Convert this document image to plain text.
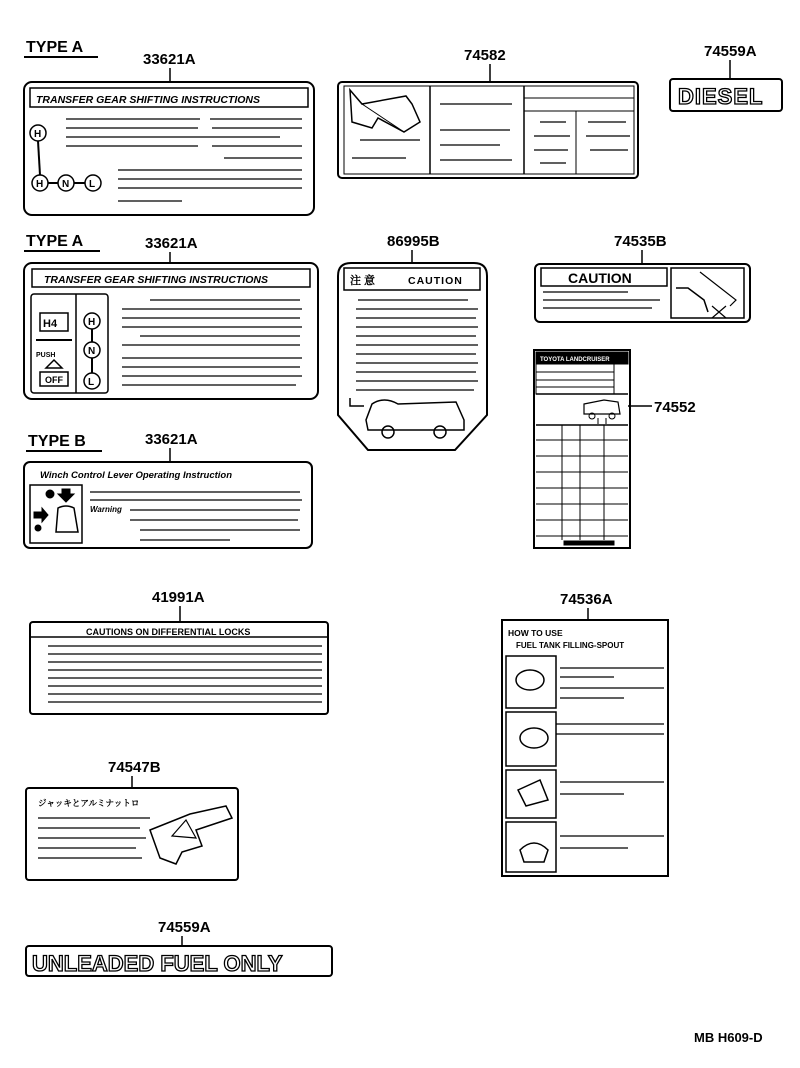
TYPE A
33621A
TRANSFER GEAR SHIFTING INSTRUCTIONS
H
H N L
74582	74559A
DIESEL
TYPE A	33621A
TRANSFER GEAR SHIFTING INSTRUCTIONS
H4
PUSH
OFF
H
N
L
86995B
注 意	CAUTION
74535B
CAUTION
TYPE B	33621A
Winch Control Lever Operating Instruction
Warning
74552
TOYOTA LANDCRUISER
41991A
CAUTIONS ON DIFFERENTIAL LOCKS
74536A
HOW TO USE
FUEL TANK FILLING-SPOUT
74547B
ジャッキとアルミナットロ
74559A
UNLEADED FUEL ONLY
MB H609-D
